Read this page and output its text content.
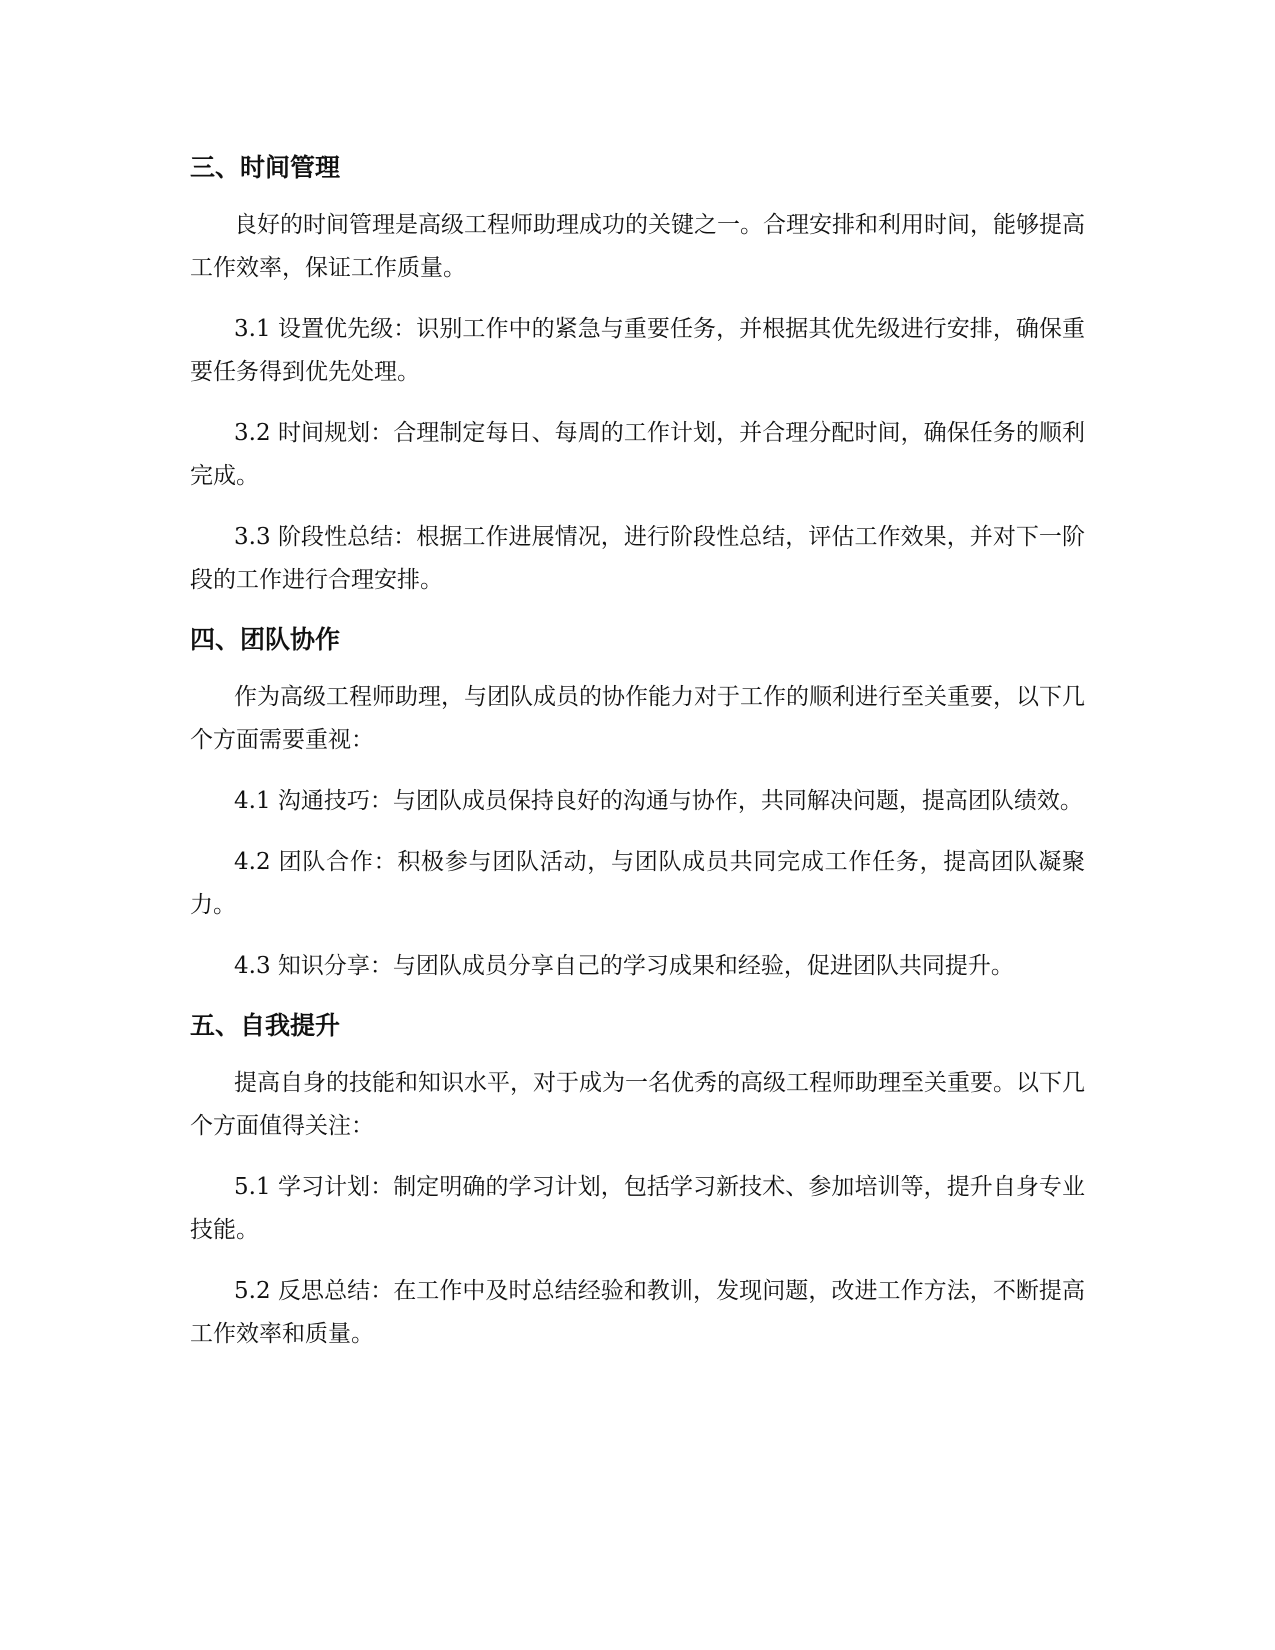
三、时间管理

良好的时间管理是高级工程师助理成功的关键之一。合理安排和利用时间，能够提高工作效率，保证工作质量。

3.1 设置优先级：识别工作中的紧急与重要任务，并根据其优先级进行安排，确保重要任务得到优先处理。

3.2 时间规划：合理制定每日、每周的工作计划，并合理分配时间，确保任务的顺利完成。

3.3 阶段性总结：根据工作进展情况，进行阶段性总结，评估工作效果，并对下一阶段的工作进行合理安排。

四、团队协作

作为高级工程师助理，与团队成员的协作能力对于工作的顺利进行至关重要，以下几个方面需要重视：

4.1 沟通技巧：与团队成员保持良好的沟通与协作，共同解决问题，提高团队绩效。

4.2 团队合作：积极参与团队活动，与团队成员共同完成工作任务，提高团队凝聚力。

4.3 知识分享：与团队成员分享自己的学习成果和经验，促进团队共同提升。

五、自我提升

提高自身的技能和知识水平，对于成为一名优秀的高级工程师助理至关重要。以下几个方面值得关注：

5.1 学习计划：制定明确的学习计划，包括学习新技术、参加培训等，提升自身专业技能。

5.2 反思总结：在工作中及时总结经验和教训，发现问题，改进工作方法，不断提高工作效率和质量。
